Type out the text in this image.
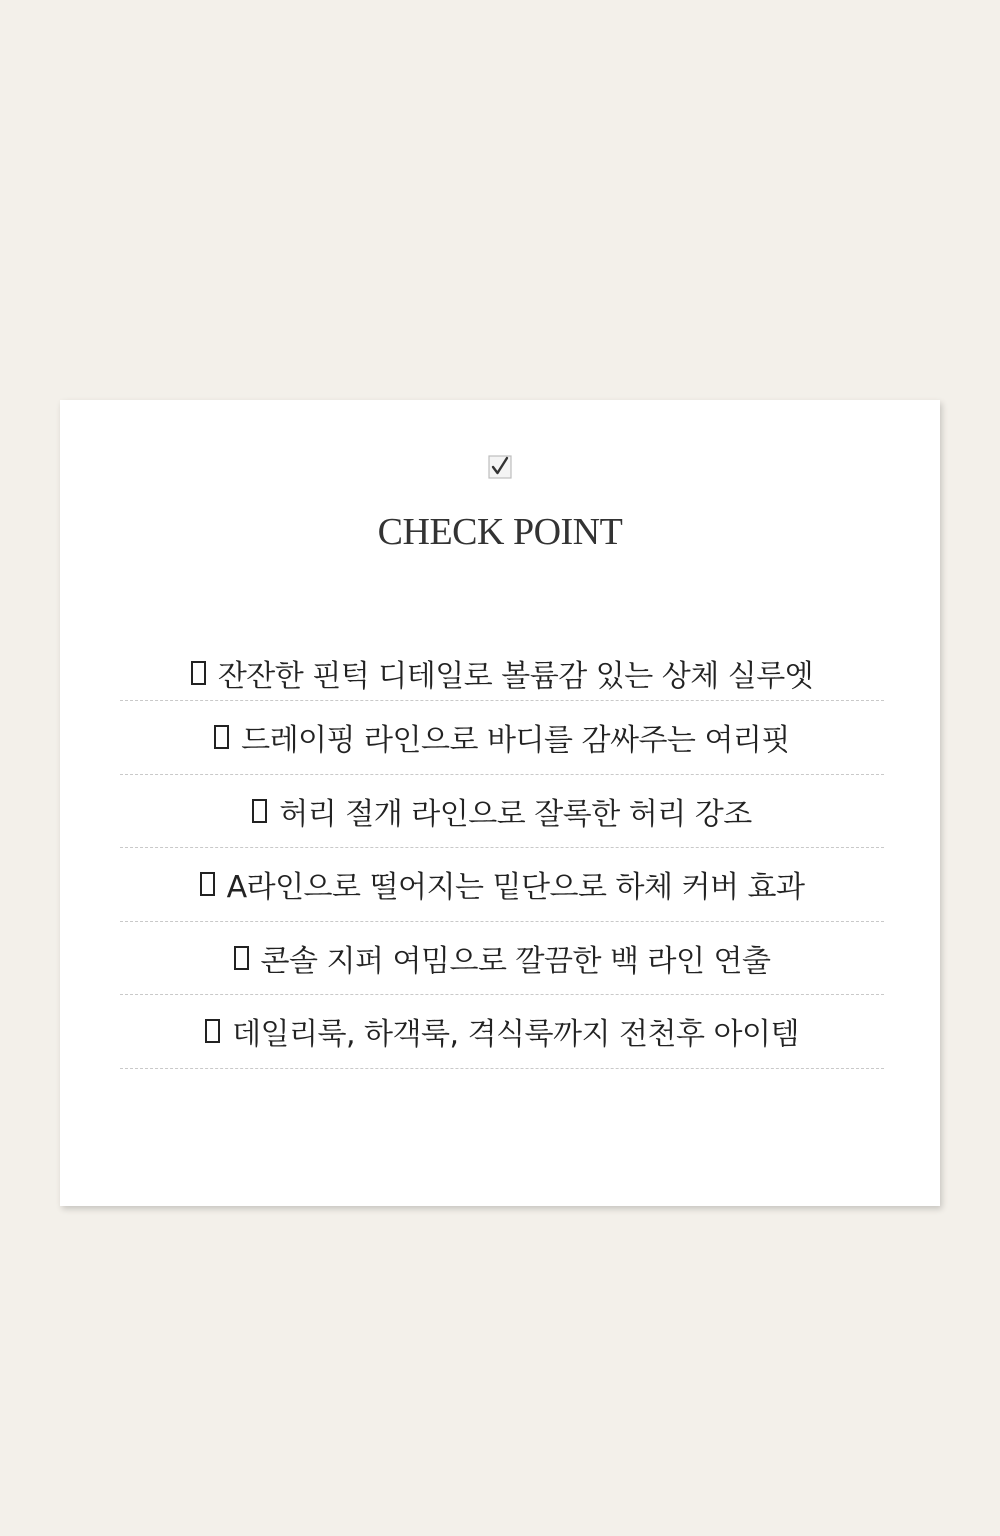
CHECK POINT
잔잔한 핀턱 디테일로 볼륨감 있는 상체 실루엣
드레이핑 라인으로 바디를 감싸주는 여리핏
허리 절개 라인으로 잘록한 허리 강조
A라인으로 떨어지는 밑단으로 하체 커버 효과
콘솔 지퍼 여밈으로 깔끔한 백 라인 연출
데일리룩, 하객룩, 격식룩까지 전천후 아이템
